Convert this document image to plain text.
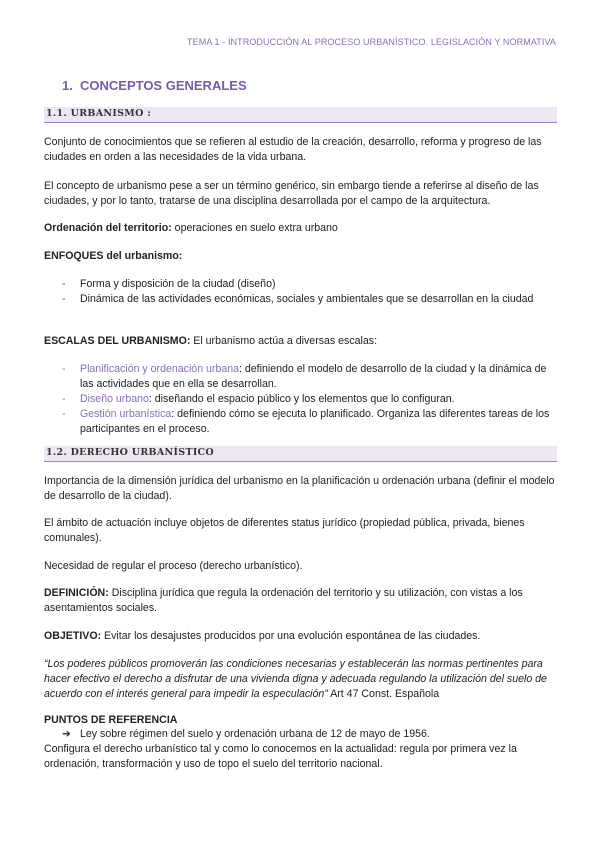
TEMA 1 - INTRODUCCIÓN AL PROCESO URBANÍSTICO. LEGISLACIÓN Y NORMATIVA
1. CONCEPTOS GENERALES
1.1. URBANISMO :
Conjunto de conocimientos que se refieren al estudio de la creación, desarrollo, reforma y progreso de las ciudades en orden a las necesidades de la vida urbana.
El concepto de urbanismo pese a ser un término genérico, sin embargo tiende a referirse al diseño de las ciudades, y por lo tanto, tratarse de una disciplina desarrollada por el campo de la arquitectura.
Ordenación del territorio: operaciones en suelo extra urbano
ENFOQUES del urbanismo:
- Forma y disposición de la ciudad (diseño)
- Dinámica de las actividades económicas, sociales y ambientales que se desarrollan en la ciudad
ESCALAS DEL URBANISMO: El urbanismo actúa a diversas escalas:
- Planificación y ordenación urbana: definiendo el modelo de desarrollo de la ciudad y la dinámica de las actividades que en ella se desarrollan.
- Diseño urbano: diseñando el espacio público y los elementos que lo configuran.
- Gestión urbanística: definiendo cómo se ejecuta lo planificado. Organiza las diferentes tareas de los participantes en el proceso.
1.2. DERECHO URBANÍSTICO
Importancia de la dimensión jurídica del urbanismo en la planificación u ordenación urbana (definir el modelo de desarrollo de la ciudad).
El ámbito de actuación incluye objetos de diferentes status jurídico (propiedad pública, privada, bienes comunales).
Necesidad de regular el proceso (derecho urbanístico).
DEFINICIÓN: Disciplina jurídica que regula la ordenación del territorio y su utilización, con vistas a los asentamientos sociales.
OBJETIVO: Evitar los desajustes producidos por una evolución espontánea de las ciudades.
“Los poderes públicos promoverán las condiciones necesarias y establecerán las normas pertinentes para hacer efectivo el derecho a disfrutar de una vivienda digna y adecuada regulando la utilización del suelo de acuerdo con el interés general para impedir la especulación” Art 47 Const. Española
PUNTOS DE REFERENCIA
➔ Ley sobre régimen del suelo y ordenación urbana de 12 de mayo de 1956.
Configura el derecho urbanístico tal y como lo conocemos en la actualidad: regula por primera vez la ordenación, transformación y uso de topo el suelo del territorio nacional.
